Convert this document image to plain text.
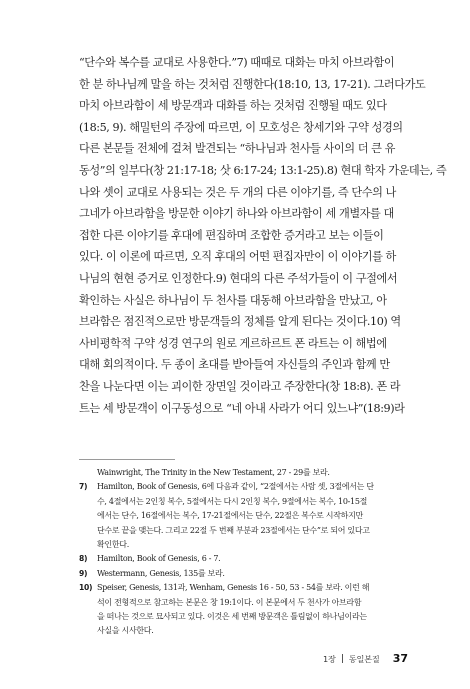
“단수와 복수를 교대로 사용한다.”7) 때때로 대화는 마치 아브라함이
한 분 하나님께 말을 하는 것처럼 진행한다(18:10, 13, 17-21). 그러다가도
마치 아브라함이 세 방문객과 대화를 하는 것처럼 진행될 때도 있다
(18:5, 9). 해밀턴의 주장에 따르면, 이 모호성은 창세기와 구약 성경의
다른 본문들 전체에 걸쳐 발견되는 “하나님과 천사들 사이의 더 큰 유
동성”의 일부다(창 21:17-18; 삿 6:17-24; 13:1-25).8) 현대 학자 가운데는, 즉
나와 셋이 교대로 사용되는 것은 두 개의 다른 이야기를, 즉 단수의 나
그네가 아브라함을 방문한 이야기 하나와 아브라함이 세 개별자를 대
접한 다른 이야기를 후대에 편집하며 조합한 증거라고 보는 이들이
있다. 이 이론에 따르면, 오직 후대의 어떤 편집자만이 이 이야기를 하
나님의 현현 증거로 인정한다.9) 현대의 다른 주석가들이 이 구절에서
확인하는 사실은 하나님이 두 천사를 대동해 아브라함을 만났고, 아
브라함은 점진적으로만 방문객들의 정체를 알게 된다는 것이다.10) 역
사비평학적 구약 성경 연구의 원로 게르하르트 폰 라트는 이 해법에
대해 회의적이다. 두 종이 초대를 받아들여 자신들의 주인과 함께 만
찬을 나눈다면 이는 괴이한 장면일 것이라고 주장한다(창 18:8). 폰 라
트는 세 방문객이 이구동성으로 “네 아내 사라가 어디 있느냐”(18:9)라
Wainwright, The Trinity in the New Testament, 27 - 29를 보라.
7) Hamilton, Book of Genesis, 6에 다음과 같이, “2절에서는 사람 셋, 3절에서는 단
수, 4절에서는 2인칭 복수, 5절에서는 다시 2인칭 복수, 9절에서는 복수, 10-15절
에서는 단수, 16절에서는 복수, 17-21절에서는 단수, 22절은 복수로 시작하지만
단수로 끝을 맺는다. 그리고 22절 두 번째 부분과 23절에서는 단수”로 되어 있다고
확인한다.
8) Hamilton, Book of Genesis, 6 - 7.
9) Westermann, Genesis, 135를 보라.
10) Speiser, Genesis, 131과, Wenham, Genesis 16 - 50, 53 - 54를 보라. 이런 해
석이 전형적으로 참고하는 본문은 창 19:1이다. 이 본문에서 두 천사가 아브라함
을 떠나는 것으로 묘사되고 있다. 이것은 세 번째 방문객은 틀림없이 하나님이라는
사실을 시사한다.
1장 동일본질 37
